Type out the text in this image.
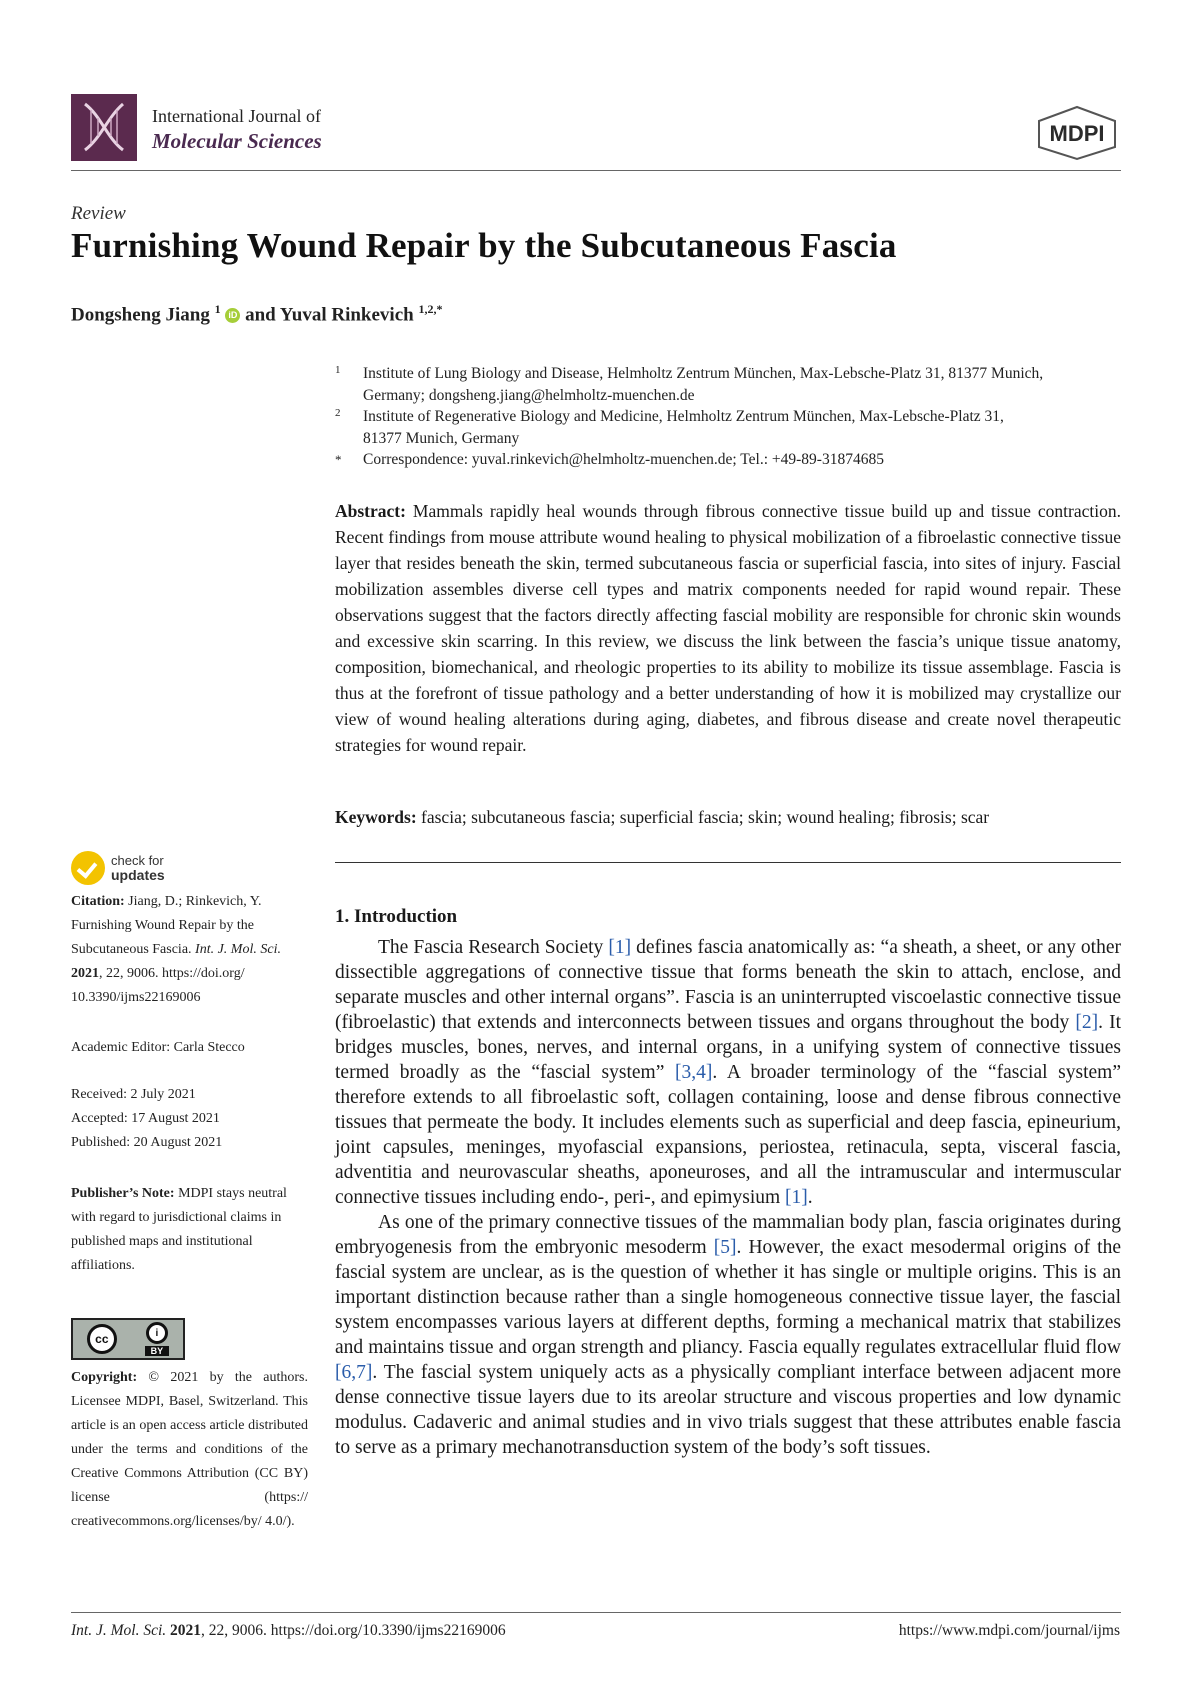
International Journal of
Molecular Sciences	MDPI
Review
Furnishing Wound Repair by the Subcutaneous Fascia
Dongsheng Jiang $^1$ iD and Yuval Rinkevich $^{1,2,*}$
1 Institute of Lung Biology and Disease, Helmholtz Zentrum München, Max-Lebsche-Platz 31, 81377 Munich,
Germany; dongsheng.jiang@helmholtz-muenchen.de
2 Institute of Regenerative Biology and Medicine, Helmholtz Zentrum München, Max-Lebsche-Platz 31,
81377 Munich, Germany
* Correspondence: yuval.rinkevich@helmholtz-muenchen.de; Tel.: +49-89-31874685
Abstract: Mammals rapidly heal wounds through fibrous connective tissue build up and tissue contraction. Recent findings from mouse attribute wound healing to physical mobilization of a fibroelastic connective tissue layer that resides beneath the skin, termed subcutaneous fascia or superficial fascia, into sites of injury. Fascial mobilization assembles diverse cell types and matrix components needed for rapid wound repair. These observations suggest that the factors directly affecting fascial mobility are responsible for chronic skin wounds and excessive skin scarring. In this review, we discuss the link between the fascia’s unique tissue anatomy, composition, biomechanical, and rheologic properties to its ability to mobilize its tissue assemblage. Fascia is thus at the forefront of tissue pathology and a better understanding of how it is mobilized may crystallize our view of wound healing alterations during aging, diabetes, and fibrous disease and create novel therapeutic strategies for wound repair.
Keywords: fascia; subcutaneous fascia; superficial fascia; skin; wound healing; fibrosis; scar
check for
updates
Citation: Jiang, D.; Rinkevich, Y. Furnishing Wound Repair by the Subcutaneous Fascia. Int. J. Mol. Sci. 2021, 22, 9006. https://doi.org/ 10.3390/ijms22169006
Academic Editor: Carla Stecco
Received: 2 July 2021
Accepted: 17 August 2021
Published: 20 August 2021
Publisher’s Note: MDPI stays neutral with regard to jurisdictional claims in published maps and institutional affiliations.
cc	i
BY
Copyright: © 2021 by the authors. Licensee MDPI, Basel, Switzerland. This article is an open access article distributed under the terms and conditions of the Creative Commons Attribution (CC BY) license (https:// creativecommons.org/licenses/by/ 4.0/).
1. Introduction

The Fascia Research Society [1] defines fascia anatomically as: “a sheath, a sheet, or any other dissectible aggregations of connective tissue that forms beneath the skin to attach, enclose, and separate muscles and other internal organs”. Fascia is an uninterrupted viscoelastic connective tissue (fibroelastic) that extends and interconnects between tissues and organs throughout the body [2]. It bridges muscles, bones, nerves, and internal organs, in a unifying system of connective tissues termed broadly as the “fascial system” [3,4]. A broader terminology of the “fascial system” therefore extends to all fibroelastic soft, collagen containing, loose and dense fibrous connective tissues that permeate the body. It includes elements such as superficial and deep fascia, epineurium, joint capsules, meninges, myofascial expansions, periostea, retinacula, septa, visceral fascia, adventitia and neurovascular sheaths, aponeuroses, and all the intramuscular and intermuscular connective tissues including endo-, peri-, and epimysium [1].

As one of the primary connective tissues of the mammalian body plan, fascia originates during embryogenesis from the embryonic mesoderm [5]. However, the exact mesodermal origins of the fascial system are unclear, as is the question of whether it has single or multiple origins. This is an important distinction because rather than a single homogeneous connective tissue layer, the fascial system encompasses various layers at different depths, forming a mechanical matrix that stabilizes and maintains tissue and organ strength and pliancy. Fascia equally regulates extracellular fluid flow [6,7]. The fascial system uniquely acts as a physically compliant interface between adjacent more dense connective tissue layers due to its areolar structure and viscous properties and low dynamic modulus. Cadaveric and animal studies and in vivo trials suggest that these attributes enable fascia to serve as a primary mechanotransduction system of the body’s soft tissues.

Int. J. Mol. Sci. 2021, 22, 9006. https://doi.org/10.3390/ijms22169006	https://www.mdpi.com/journal/ijms
